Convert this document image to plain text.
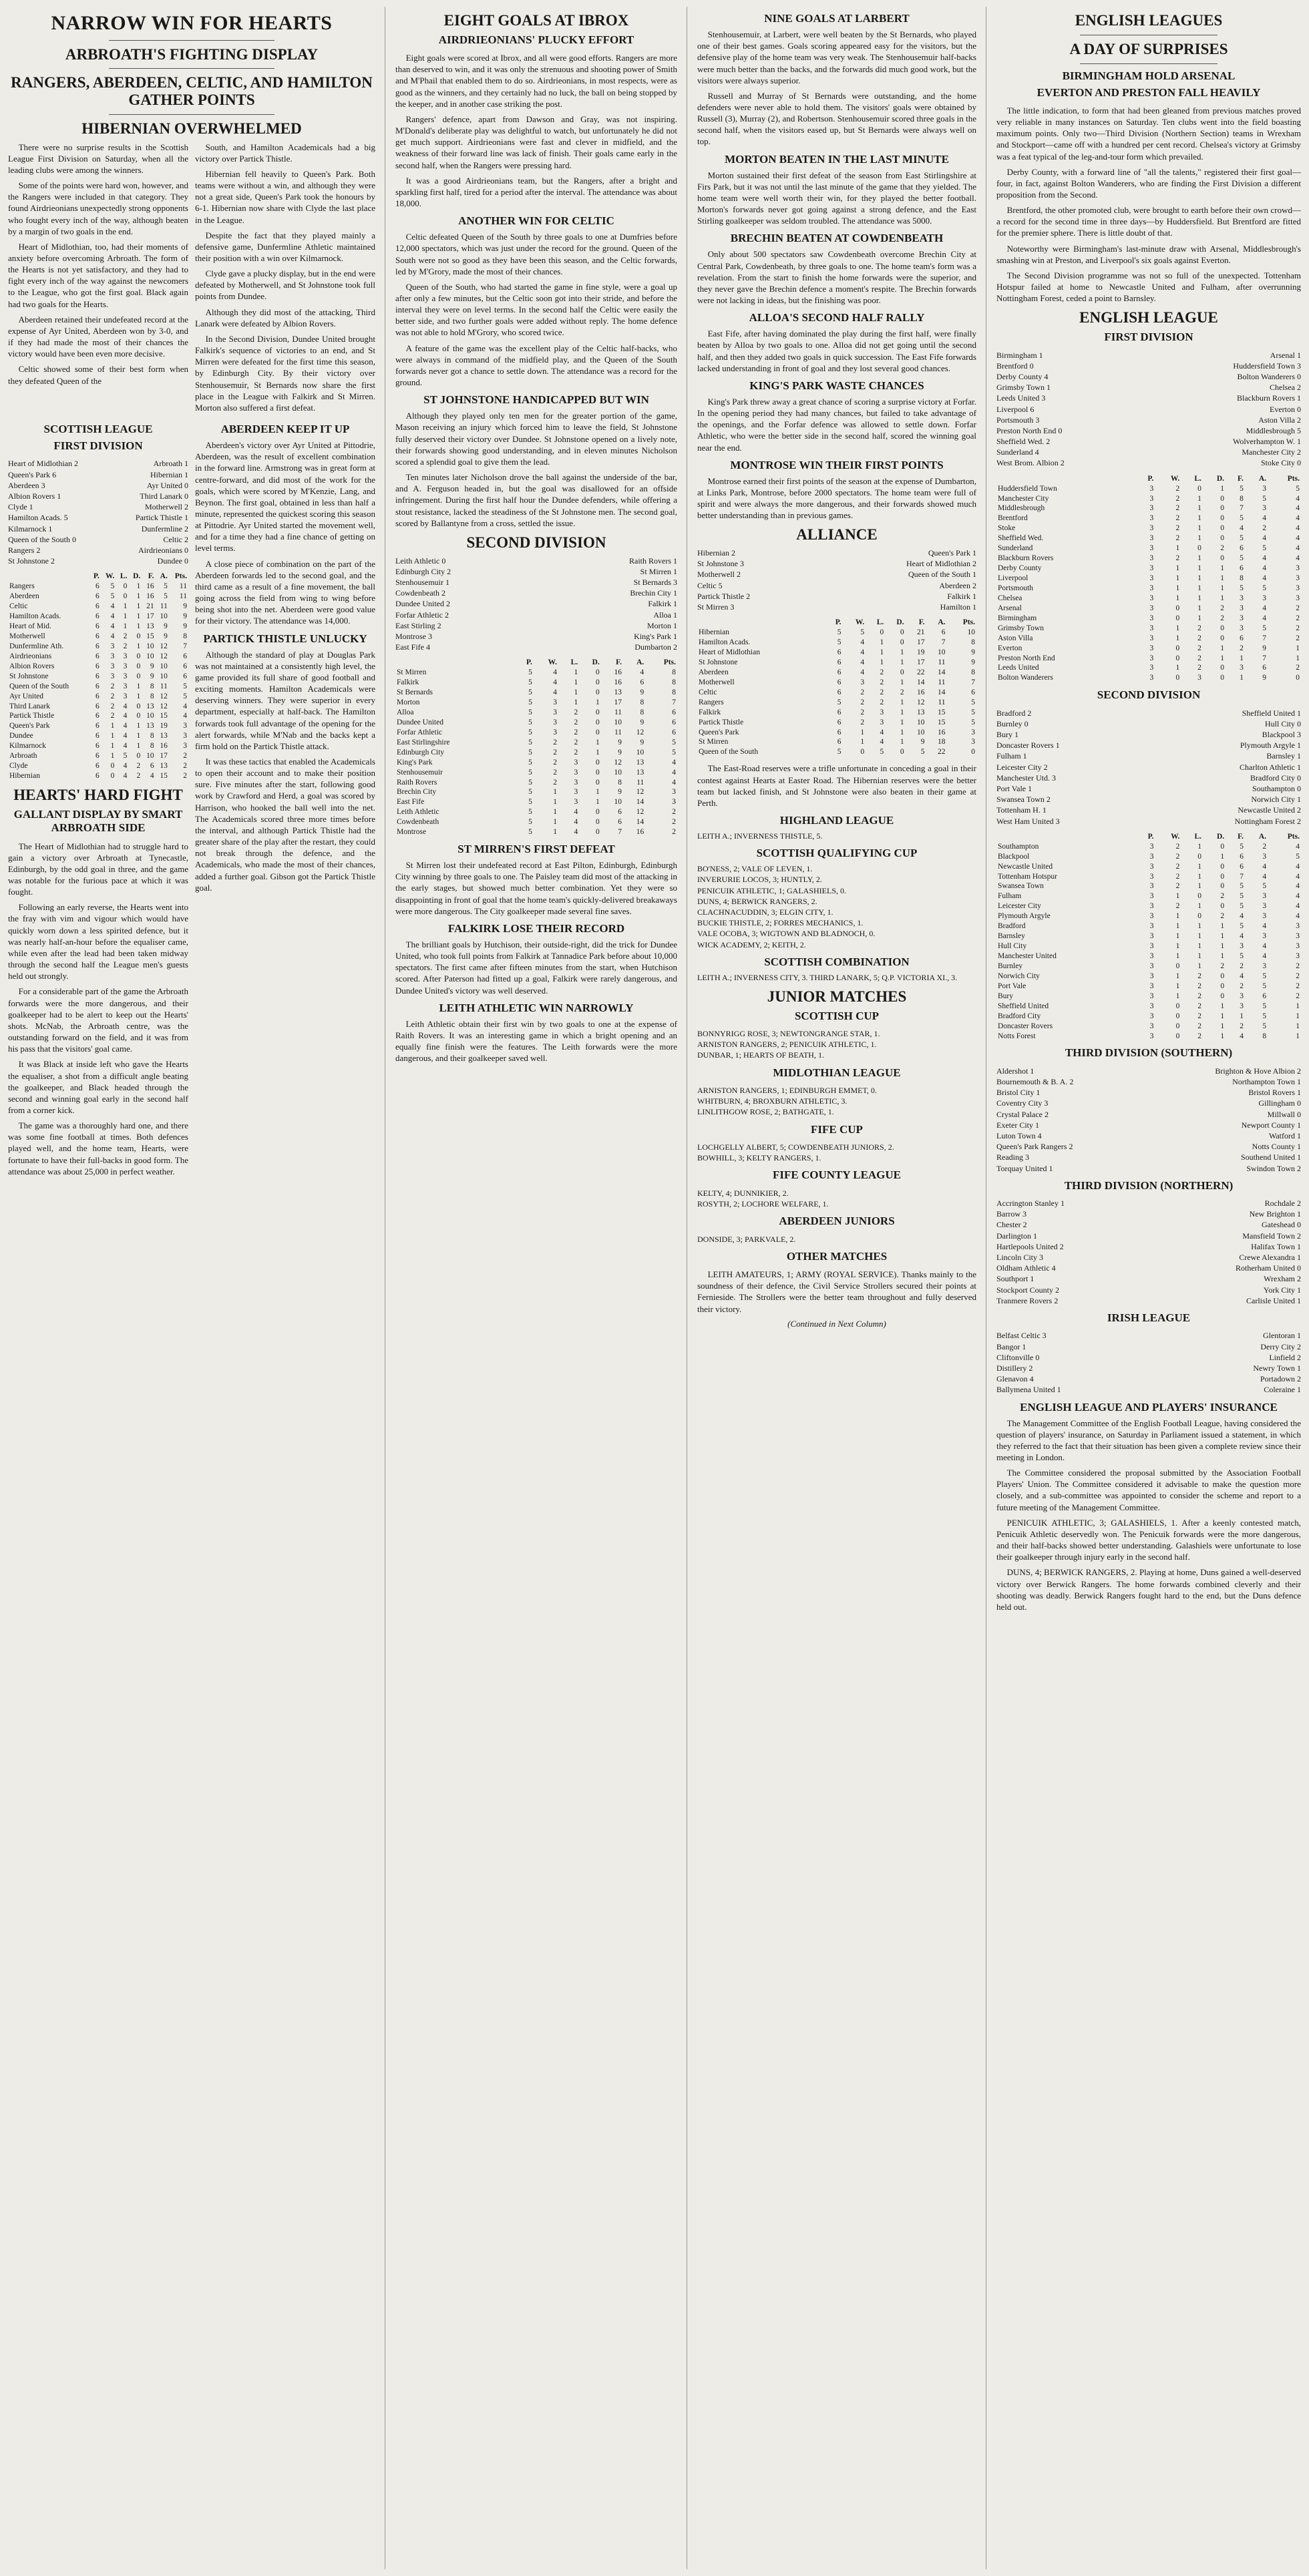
NARROW WIN FOR HEARTS
ARBROATH'S FIGHTING DISPLAY
RANGERS, ABERDEEN, CELTIC, AND HAMILTON GATHER POINTS
HIBERNIAN OVERWHELMED

There were no surprise results in the Scottish League First Division on Saturday, when all the leading clubs were among the winners.

Some of the points were hard won, however, and the Rangers were included in that category. They found Airdrieonians unexpectedly strong opponents who fought every inch of the way, although beaten by a margin of two goals in the end.

Heart of Midlothian, too, had their moments of anxiety before overcoming Arbroath. The form of the Hearts is not yet satisfactory, and they had to fight every inch of the way against the newcomers to the League, who got the first goal. Black again had two goals for the Hearts.

Aberdeen retained their undefeated record at the expense of Ayr United, Aberdeen won by 3-0, and if they had made the most of their chances the victory would have been even more decisive.

Celtic showed some of their best form when they defeated Queen of the

South, and Hamilton Academicals had a big victory over Partick Thistle.

Hibernian fell heavily to Queen's Park. Both teams were without a win, and although they were not a great side, Queen's Park took the honours by 6-1. Hibernian now share with Clyde the last place in the League.

Despite the fact that they played mainly a defensive game, Dunfermline Athletic maintained their position with a win over Kilmarnock.

Clyde gave a plucky display, but in the end were defeated by Motherwell, and St Johnstone took full points from Dundee.

Although they did most of the attacking, Third Lanark were defeated by Albion Rovers.

In the Second Division, Dundee United brought Falkirk's sequence of victories to an end, and St Mirren were defeated for the first time this season, by Edinburgh City. By their victory over Stenhousemuir, St Bernards now share the first place in the League with Falkirk and St Mirren. Morton also suffered a first defeat.

SCOTTISH LEAGUE
FIRST DIVISION
Heart of Midlothian 2	Arbroath 1
Queen's Park 6	Hibernian 1
Aberdeen 3	Ayr United 0
Albion Rovers 1	Third Lanark 0
Clyde 1	Motherwell 2
Hamilton Acads. 5	Partick Thistle 1
Kilmarnock 1	Dunfermline 2
Queen of the South 0	Celtic 2
Rangers 2	Airdrieonians 0
St Johnstone 2	Dundee 0
	P.	W.	L.	D.	F.	A.	Pts.
Rangers	6	5	0	1	16	5	11
Aberdeen	6	5	0	1	16	5	11
Celtic	6	4	1	1	21	11	9
Hamilton Acads.	6	4	1	1	17	10	9
Heart of Mid.	6	4	1	1	13	9	9
Motherwell	6	4	2	0	15	9	8
Dunfermline Ath.	6	3	2	1	10	12	7
Airdrieonians	6	3	3	0	10	12	6
Albion Rovers	6	3	3	0	9	10	6
St Johnstone	6	3	3	0	9	10	6
Queen of the South	6	2	3	1	8	11	5
Ayr United	6	2	3	1	8	12	5
Third Lanark	6	2	4	0	13	12	4
Partick Thistle	6	2	4	0	10	15	4
Queen's Park	6	1	4	1	13	19	3
Dundee	6	1	4	1	8	13	3
Kilmarnock	6	1	4	1	8	16	3
Arbroath	6	1	5	0	10	17	2
Clyde	6	0	4	2	6	13	2
Hibernian	6	0	4	2	4	15	2
HEARTS' HARD FIGHT
GALLANT DISPLAY BY SMART ARBROATH SIDE

The Heart of Midlothian had to struggle hard to gain a victory over Arbroath at Tynecastle, Edinburgh, by the odd goal in three, and the game was notable for the furious pace at which it was fought.

Following an early reverse, the Hearts went into the fray with vim and vigour which would have quickly worn down a less spirited defence, but it was nearly half-an-hour before the equaliser came, while even after the lead had been taken midway through the second half the League men's guests held out strongly.

For a considerable part of the game the Arbroath forwards were the more dangerous, and their goalkeeper had to be alert to keep out the Hearts' shots. McNab, the Arbroath centre, was the outstanding forward on the field, and it was from his pass that the visitors' goal came.

It was Black at inside left who gave the Hearts the equaliser, a shot from a difficult angle beating the goalkeeper, and Black headed through the second and winning goal early in the second half from a corner kick.

The game was a thoroughly hard one, and there was some fine football at times. Both defences played well, and the home team, Hearts, were fortunate to have their full-backs in good form. The attendance was about 25,000 in perfect weather.

ABERDEEN KEEP IT UP

Aberdeen's victory over Ayr United at Pittodrie, Aberdeen, was the result of excellent combination in the forward line. Armstrong was in great form at centre-forward, and did most of the work for the goals, which were scored by M'Kenzie, Lang, and Beynon. The first goal, obtained in less than half a minute, represented the quickest scoring this season at Pittodrie. Ayr United started the movement well, and for a time they had a fine chance of getting on level terms.

A close piece of combination on the part of the Aberdeen forwards led to the second goal, and the third came as a result of a fine movement, the ball going across the field from wing to wing before being shot into the net. Aberdeen were good value for their victory. The attendance was 14,000.

PARTICK THISTLE UNLUCKY

Although the standard of play at Douglas Park was not maintained at a consistently high level, the game provided its full share of good football and exciting moments. Hamilton Academicals were deserving winners. They were superior in every department, especially at half-back. The Hamilton forwards took full advantage of the opening for the alert forwards, while M'Nab and the backs kept a firm hold on the Partick Thistle attack.

It was these tactics that enabled the Academicals to open their account and to make their position sure. Five minutes after the start, following good work by Crawford and Herd, a goal was scored by Harrison, who hooked the ball well into the net. The Academicals scored three more times before the interval, and although Partick Thistle had the greater share of the play after the restart, they could not break through the defence, and the Academicals, who made the most of their chances, added a further goal. Gibson got the Partick Thistle goal.

EIGHT GOALS AT IBROX
AIRDRIEONIANS' PLUCKY EFFORT

Eight goals were scored at Ibrox, and all were good efforts. Rangers are more than deserved to win, and it was only the strenuous and shooting power of Smith and M'Phail that enabled them to do so. Airdrieonians, in most respects, were as good as the winners, and they certainly had no luck, the ball on being stopped by the keeper, and in another case striking the post.

Rangers' defence, apart from Dawson and Gray, was not inspiring. M'Donald's deliberate play was delightful to watch, but unfortunately he did not get much support. Airdrieonians were fast and clever in midfield, and the weakness of their forward line was lack of finish. Their goals came early in the second half, when the Rangers were pressing hard.

It was a good Airdrieonians team, but the Rangers, after a bright and sparkling first half, tired for a period after the interval. The attendance was about 18,000.

ANOTHER WIN FOR CELTIC

Celtic defeated Queen of the South by three goals to one at Dumfries before 12,000 spectators, which was just under the record for the ground. Queen of the South were not so good as they have been this season, and the Celtic forwards, led by M'Grory, made the most of their chances.

Queen of the South, who had started the game in fine style, were a goal up after only a few minutes, but the Celtic soon got into their stride, and before the interval they were on level terms. In the second half the Celtic were easily the better side, and two further goals were added without reply. The home defence was not able to hold M'Grory, who scored twice.

A feature of the game was the excellent play of the Celtic half-backs, who were always in command of the midfield play, and the Queen of the South forwards never got a chance to settle down. The attendance was a record for the ground.

ST JOHNSTONE HANDICAPPED BUT WIN

Although they played only ten men for the greater portion of the game, Mason receiving an injury which forced him to leave the field, St Johnstone fully deserved their victory over Dundee. St Johnstone opened on a lively note, their forwards showing good understanding, and in eleven minutes Nicholson scored a splendid goal to give them the lead.

Ten minutes later Nicholson drove the ball against the underside of the bar, and A. Ferguson headed in, but the goal was disallowed for an offside infringement. During the first half hour the Dundee defenders, while offering a stout resistance, lacked the steadiness of the St Johnstone men. The second goal, scored by Ballantyne from a cross, settled the issue.

SECOND DIVISION
Leith Athletic 0	Raith Rovers 1
Edinburgh City 2	St Mirren 1
Stenhousemuir 1	St Bernards 3
Cowdenbeath 2	Brechin City 1
Dundee United 2	Falkirk 1
Forfar Athletic 2	Alloa 1
East Stirling 2	Morton 1
Montrose 3	King's Park 1
East Fife 4	Dumbarton 2
	P.	W.	L.	D.	F.	A.	Pts.
St Mirren	5	4	1	0	16	4	8
Falkirk	5	4	1	0	16	6	8
St Bernards	5	4	1	0	13	9	8
Morton	5	3	1	1	17	8	7
Alloa	5	3	2	0	11	8	6
Dundee United	5	3	2	0	10	9	6
Forfar Athletic	5	3	2	0	11	12	6
East Stirlingshire	5	2	2	1	9	9	5
Edinburgh City	5	2	2	1	9	10	5
King's Park	5	2	3	0	12	13	4
Stenhousemuir	5	2	3	0	10	13	4
Raith Rovers	5	2	3	0	8	11	4
Brechin City	5	1	3	1	9	12	3
East Fife	5	1	3	1	10	14	3
Leith Athletic	5	1	4	0	6	12	2
Cowdenbeath	5	1	4	0	6	14	2
Montrose	5	1	4	0	7	16	2
ST MIRREN'S FIRST DEFEAT

St Mirren lost their undefeated record at East Pilton, Edinburgh, Edinburgh City winning by three goals to one. The Paisley team did most of the attacking in the early stages, but showed much better combination. Yet they were so disappointing in front of goal that the home team's quickly-delivered breakaways were more dangerous. The City goalkeeper made several fine saves.

FALKIRK LOSE THEIR RECORD

The brilliant goals by Hutchison, their outside-right, did the trick for Dundee United, who took full points from Falkirk at Tannadice Park before about 10,000 spectators. The first came after fifteen minutes from the start, when Hutchison scored. After Paterson had fitted up a goal, Falkirk were rarely dangerous, and Dundee United's victory was well deserved.

LEITH ATHLETIC WIN NARROWLY

Leith Athletic obtain their first win by two goals to one at the expense of Raith Rovers. It was an interesting game in which a bright opening and an equally fine finish were the features. The Leith forwards were the more dangerous, and their goalkeeper saved well.

NINE GOALS AT LARBERT

Stenhousemuir, at Larbert, were well beaten by the St Bernards, who played one of their best games. Goals scoring appeared easy for the visitors, but the defensive play of the home team was very weak. The Stenhousemuir half-backs were much better than the backs, and the forwards did much good work, but the visitors were always superior.

Russell and Murray of St Bernards were outstanding, and the home defenders were never able to hold them. The visitors' goals were obtained by Russell (3), Murray (2), and Robertson. Stenhousemuir scored three goals in the second half, when the visitors eased up, but St Bernards were always well on top.

MORTON BEATEN IN THE LAST MINUTE

Morton sustained their first defeat of the season from East Stirlingshire at Firs Park, but it was not until the last minute of the game that they yielded. The home team were well worth their win, for they played the better football. Morton's forwards never got going against a strong defence, and the East Stirling goalkeeper was seldom troubled. The attendance was 5000.

BRECHIN BEATEN AT COWDENBEATH

Only about 500 spectators saw Cowdenbeath overcome Brechin City at Central Park, Cowdenbeath, by three goals to one. The home team's form was a revelation. From the start to finish the home forwards were the superior, and they never gave the Brechin defence a moment's respite. The Brechin forwards were not lacking in ideas, but the finishing was poor.

ALLOA'S SECOND HALF RALLY

East Fife, after having dominated the play during the first half, were finally beaten by Alloa by two goals to one. Alloa did not get going until the second half, and then they added two goals in quick succession. The East Fife forwards lacked understanding in front of goal and they lost several good chances.

KING'S PARK WASTE CHANCES

King's Park threw away a great chance of scoring a surprise victory at Forfar. In the opening period they had many chances, but failed to take advantage of the openings, and the Forfar defence was allowed to settle down. Forfar Athletic, who were the better side in the second half, scored the winning goal near the end.

MONTROSE WIN THEIR FIRST POINTS

Montrose earned their first points of the season at the expense of Dumbarton, at Links Park, Montrose, before 2000 spectators. The home team were full of spirit and were always the more dangerous, and their forwards showed much better understanding than in previous games.

ALLIANCE
Hibernian 2	Queen's Park 1
St Johnstone 3	Heart of Midlothian 2
Motherwell 2	Queen of the South 1
Celtic 5	Aberdeen 2
Partick Thistle 2	Falkirk 1
St Mirren 3	Hamilton 1
	P.	W.	L.	D.	F.	A.	Pts.
Hibernian	5	5	0	0	21	6	10
Hamilton Acads.	5	4	1	0	17	7	8
Heart of Midlothian	6	4	1	1	19	10	9
St Johnstone	6	4	1	1	17	11	9
Aberdeen	6	4	2	0	22	14	8
Motherwell	6	3	2	1	14	11	7
Celtic	6	2	2	2	16	14	6
Rangers	5	2	2	1	12	11	5
Falkirk	6	2	3	1	13	15	5
Partick Thistle	6	2	3	1	10	15	5
Queen's Park	6	1	4	1	10	16	3
St Mirren	6	1	4	1	9	18	3
Queen of the South	5	0	5	0	5	22	0

The East-Road reserves were a trifle unfortunate in conceding a goal in their contest against Hearts at Easter Road. The Hibernian reserves were the better team but lacked finish, and St Johnstone were also beaten in their game at Perth.

HIGHLAND LEAGUE
LEITH A.; INVERNESS THISTLE, 5.
SCOTTISH QUALIFYING CUP
BO'NESS, 2; VALE OF LEVEN, 1.
INVERURIE LOCOS, 3; HUNTLY, 2.
PENICUIK ATHLETIC, 1; GALASHIELS, 0.
DUNS, 4; BERWICK RANGERS, 2.
CLACHNACUDDIN, 3; ELGIN CITY, 1.
BUCKIE THISTLE, 2; FORRES MECHANICS, 1.
VALE OCOBA, 3; WIGTOWN AND BLADNOCH, 0.
WICK ACADEMY, 2; KEITH, 2.
SCOTTISH COMBINATION
LEITH A.; INVERNESS CITY, 3. THIRD LANARK, 5; Q.P. VICTORIA XI., 3.
JUNIOR MATCHES
SCOTTISH CUP
BONNYRIGG ROSE, 3; NEWTONGRANGE STAR, 1.
ARNISTON RANGERS, 2; PENICUIK ATHLETIC, 1.
DUNBAR, 1; HEARTS OF BEATH, 1.
MIDLOTHIAN LEAGUE
ARNISTON RANGERS, 1; EDINBURGH EMMET, 0.
WHITBURN, 4; BROXBURN ATHLETIC, 3.
LINLITHGOW ROSE, 2; BATHGATE, 1.
FIFE CUP
LOCHGELLY ALBERT, 5; COWDENBEATH JUNIORS, 2.
BOWHILL, 3; KELTY RANGERS, 1.
FIFE COUNTY LEAGUE
KELTY, 4; DUNNIKIER, 2.
ROSYTH, 2; LOCHORE WELFARE, 1.
ABERDEEN JUNIORS
DONSIDE, 3; PARKVALE, 2.
OTHER MATCHES

LEITH AMATEURS, 1; ARMY (ROYAL SERVICE). Thanks mainly to the soundness of their defence, the Civil Service Strollers secured their points at Fernieside. The Strollers were the better team throughout and fully deserved their victory.

(Continued in Next Column)
ENGLISH LEAGUES
A DAY OF SURPRISES
BIRMINGHAM HOLD ARSENAL
EVERTON AND PRESTON FALL HEAVILY

The little indication, to form that had been gleaned from previous matches proved very reliable in many instances on Saturday. Ten clubs went into the field boasting maximum points. Only two—Third Division (Northern Section) teams in Wrexham and Stockport—came off with a hundred per cent record. Chelsea's victory at Grimsby was a feat typical of the leg-and-tour form which prevailed.

Derby County, with a forward line of "all the talents," registered their first goal—four, in fact, against Bolton Wanderers, who are finding the First Division a different proposition from the Second.

Brentford, the other promoted club, were brought to earth before their own crowd—a record for the second time in three days—by Huddersfield. But Brentford are fitted for the premier sphere. There is little doubt of that.

Noteworthy were Birmingham's last-minute draw with Arsenal, Middlesbrough's smashing win at Preston, and Liverpool's six goals against Everton.

The Second Division programme was not so full of the unexpected. Tottenham Hotspur failed at home to Newcastle United and Fulham, after overrunning Nottingham Forest, ceded a point to Barnsley.

ENGLISH LEAGUE
FIRST DIVISION
Birmingham 1	Arsenal 1
Brentford 0	Huddersfield Town 3
Derby County 4	Bolton Wanderers 0
Grimsby Town 1	Chelsea 2
Leeds United 3	Blackburn Rovers 1
Liverpool 6	Everton 0
Portsmouth 3	Aston Villa 2
Preston North End 0	Middlesbrough 5
Sheffield Wed. 2	Wolverhampton W. 1
Sunderland 4	Manchester City 2
West Brom. Albion 2	Stoke City 0
	P.	W.	L.	D.	F.	A.	Pts.
Huddersfield Town	3	2	0	1	5	3	5
Manchester City	3	2	1	0	8	5	4
Middlesbrough	3	2	1	0	7	3	4
Brentford	3	2	1	0	5	4	4
Stoke	3	2	1	0	4	2	4
Sheffield Wed.	3	2	1	0	5	4	4
Sunderland	3	1	0	2	6	5	4
Blackburn Rovers	3	2	1	0	5	4	4
Derby County	3	1	1	1	6	4	3
Liverpool	3	1	1	1	8	4	3
Portsmouth	3	1	1	1	5	5	3
Chelsea	3	1	1	1	3	3	3
Arsenal	3	0	1	2	3	4	2
Birmingham	3	0	1	2	3	4	2
Grimsby Town	3	1	2	0	3	5	2
Aston Villa	3	1	2	0	6	7	2
Everton	3	0	2	1	2	9	1
Preston North End	3	0	2	1	1	7	1
Leeds United	3	1	2	0	3	6	2
Bolton Wanderers	3	0	3	0	1	9	0
SECOND DIVISION
Bradford 2	Sheffield United 1
Burnley 0	Hull City 0
Bury 1	Blackpool 3
Doncaster Rovers 1	Plymouth Argyle 1
Fulham 1	Barnsley 1
Leicester City 2	Charlton Athletic 1
Manchester Utd. 3	Bradford City 0
Port Vale 1	Southampton 0
Swansea Town 2	Norwich City 1
Tottenham H. 1	Newcastle United 2
West Ham United 3	Nottingham Forest 2
	P.	W.	L.	D.	F.	A.	Pts.
Southampton	3	2	1	0	5	2	4
Blackpool	3	2	0	1	6	3	5
Newcastle United	3	2	1	0	6	4	4
Tottenham Hotspur	3	2	1	0	7	4	4
Swansea Town	3	2	1	0	5	5	4
Fulham	3	1	0	2	5	3	4
Leicester City	3	2	1	0	5	3	4
Plymouth Argyle	3	1	0	2	4	3	4
Bradford	3	1	1	1	5	4	3
Barnsley	3	1	1	1	4	3	3
Hull City	3	1	1	1	3	4	3
Manchester United	3	1	1	1	5	4	3
Burnley	3	0	1	2	2	3	2
Norwich City	3	1	2	0	4	5	2
Port Vale	3	1	2	0	2	5	2
Bury	3	1	2	0	3	6	2
Sheffield United	3	0	2	1	3	5	1
Bradford City	3	0	2	1	1	5	1
Doncaster Rovers	3	0	2	1	2	5	1
Notts Forest	3	0	2	1	4	8	1
THIRD DIVISION (SOUTHERN)
Aldershot 1	Brighton & Hove Albion 2
Bournemouth & B. A. 2	Northampton Town 1
Bristol City 1	Bristol Rovers 1
Coventry City 3	Gillingham 0
Crystal Palace 2	Millwall 0
Exeter City 1	Newport County 1
Luton Town 4	Watford 1
Queen's Park Rangers 2	Notts County 1
Reading 3	Southend United 1
Torquay United 1	Swindon Town 2
THIRD DIVISION (NORTHERN)
Accrington Stanley 1	Rochdale 2
Barrow 3	New Brighton 1
Chester 2	Gateshead 0
Darlington 1	Mansfield Town 2
Hartlepools United 2	Halifax Town 1
Lincoln City 3	Crewe Alexandra 1
Oldham Athletic 4	Rotherham United 0
Southport 1	Wrexham 2
Stockport County 2	York City 1
Tranmere Rovers 2	Carlisle United 1
IRISH LEAGUE
Belfast Celtic 3	Glentoran 1
Bangor 1	Derry City 2
Cliftonville 0	Linfield 2
Distillery 2	Newry Town 1
Glenavon 4	Portadown 2
Ballymena United 1	Coleraine 1
ENGLISH LEAGUE AND PLAYERS' INSURANCE

The Management Committee of the English Football League, having considered the question of players' insurance, on Saturday in Parliament issued a statement, in which they referred to the fact that their situation has been given a complete review since their meeting in London.

The Committee considered the proposal submitted by the Association Football Players' Union. The Committee considered it advisable to make the question more closely, and a sub-committee was appointed to consider the scheme and report to a future meeting of the Management Committee.

PENICUIK ATHLETIC, 3; GALASHIELS, 1. After a keenly contested match, Penicuik Athletic deservedly won. The Penicuik forwards were the more dangerous, and their half-backs showed better understanding. Galashiels were unfortunate to lose their goalkeeper through injury early in the second half.

DUNS, 4; BERWICK RANGERS, 2. Playing at home, Duns gained a well-deserved victory over Berwick Rangers. The home forwards combined cleverly and their shooting was deadly. Berwick Rangers fought hard to the end, but the Duns defence held out.
